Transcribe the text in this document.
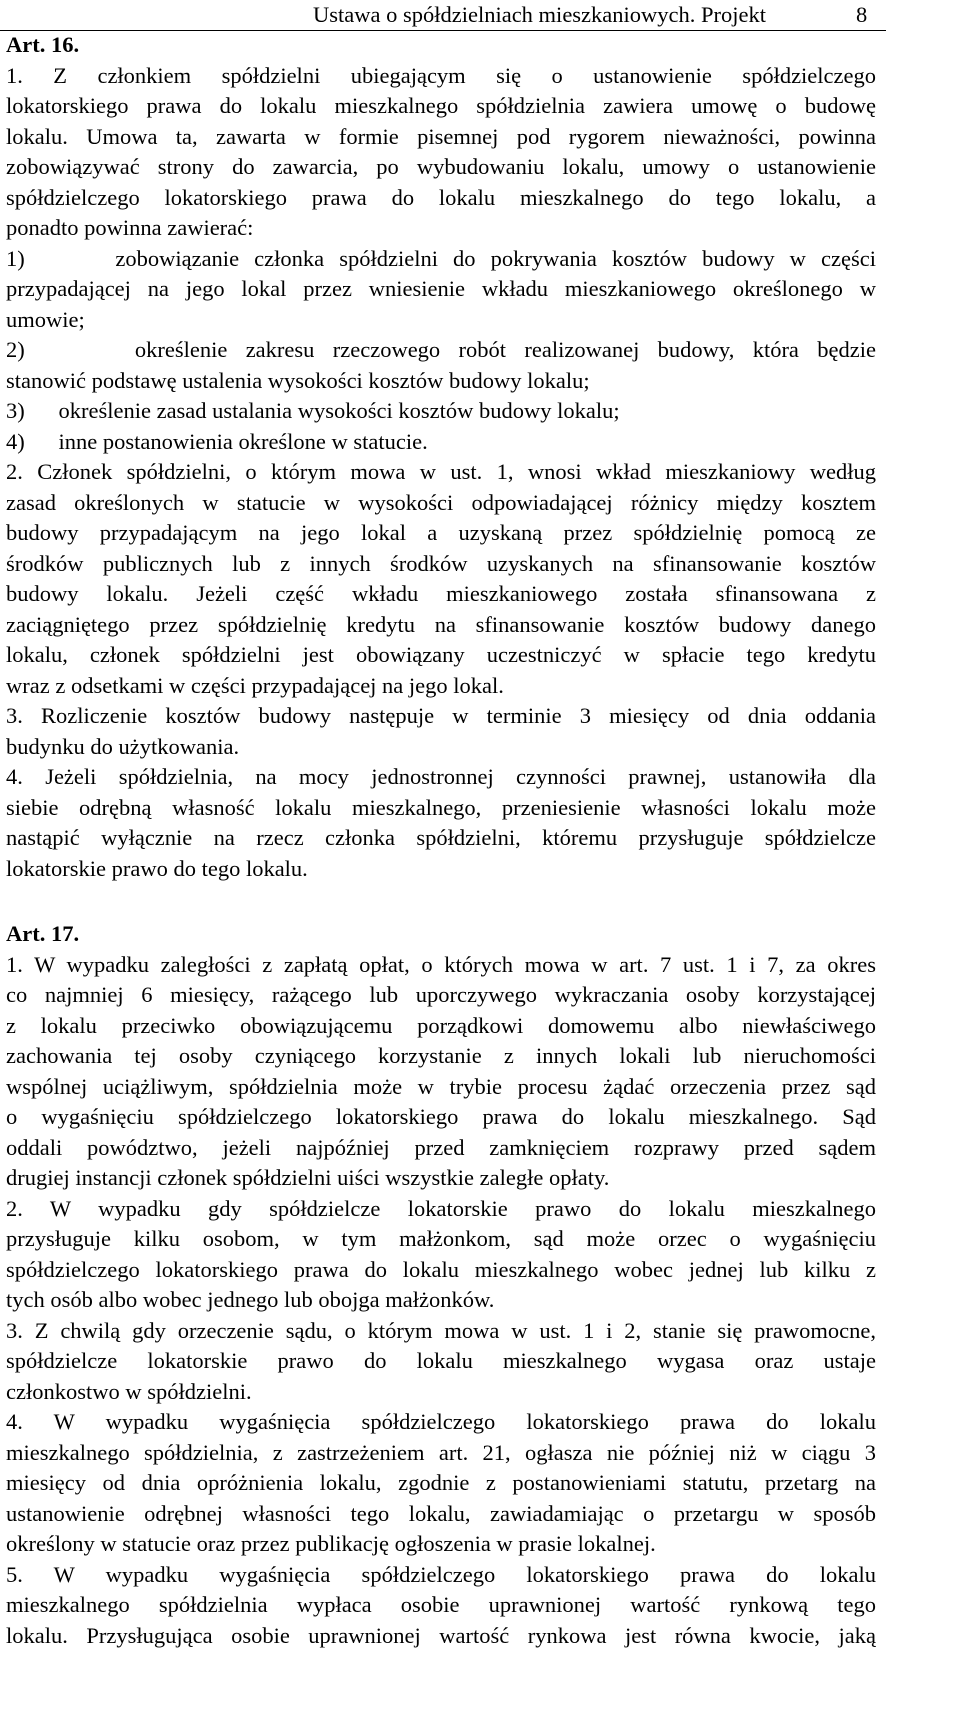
Ustawa o spółdzielniach mieszkaniowych. Projekt	8
Art. 16.
1. Z członkiem spółdzielni ubiegającym się o ustanowienie spółdzielczego
lokatorskiego prawa do lokalu mieszkalnego spółdzielnia zawiera umowę o budowę
lokalu. Umowa ta, zawarta w formie pisemnej pod rygorem nieważności, powinna
zobowiązywać strony do zawarcia, po wybudowaniu lokalu, umowy o ustanowienie
spółdzielczego lokatorskiego prawa do lokalu mieszkalnego do tego lokalu, a
ponadto powinna zawierać:
1)      zobowiązanie członka spółdzielni do pokrywania kosztów budowy w części
przypadającej na jego lokal przez wniesienie wkładu mieszkaniowego określonego w
umowie;
2)      określenie zakresu rzeczowego robót realizowanej budowy, która będzie
stanowić podstawę ustalenia wysokości kosztów budowy lokalu;
3)      określenie zasad ustalania wysokości kosztów budowy lokalu;
4)      inne postanowienia określone w statucie.
2. Członek spółdzielni, o którym mowa w ust. 1, wnosi wkład mieszkaniowy według
zasad określonych w statucie w wysokości odpowiadającej różnicy między kosztem
budowy przypadającym na jego lokal a uzyskaną przez spółdzielnię pomocą ze
środków publicznych lub z innych środków uzyskanych na sfinansowanie kosztów
budowy lokalu. Jeżeli część wkładu mieszkaniowego została sfinansowana z
zaciągniętego przez spółdzielnię kredytu na sfinansowanie kosztów budowy danego
lokalu, członek spółdzielni jest obowiązany uczestniczyć w spłacie tego kredytu
wraz z odsetkami w części przypadającej na jego lokal.
3. Rozliczenie kosztów budowy następuje w terminie 3 miesięcy od dnia oddania
budynku do użytkowania.
4. Jeżeli spółdzielnia, na mocy jednostronnej czynności prawnej, ustanowiła dla
siebie odrębną własność lokalu mieszkalnego, przeniesienie własności lokalu może
nastąpić wyłącznie na rzecz członka spółdzielni, któremu przysługuje spółdzielcze
lokatorskie prawo do tego lokalu.
Art. 17.
1. W wypadku zaległości z zapłatą opłat, o których mowa w art. 7 ust. 1 i 7, za okres
co najmniej 6 miesięcy, rażącego lub uporczywego wykraczania osoby korzystającej
z lokalu przeciwko obowiązującemu porządkowi domowemu albo niewłaściwego
zachowania tej osoby czyniącego korzystanie z innych lokali lub nieruchomości
wspólnej uciążliwym, spółdzielnia może w trybie procesu żądać orzeczenia przez sąd
o wygaśnięciu spółdzielczego lokatorskiego prawa do lokalu mieszkalnego. Sąd
oddali powództwo, jeżeli najpóźniej przed zamknięciem rozprawy przed sądem
drugiej instancji członek spółdzielni uiści wszystkie zaległe opłaty.
2. W wypadku gdy spółdzielcze lokatorskie prawo do lokalu mieszkalnego
przysługuje kilku osobom, w tym małżonkom, sąd może orzec o wygaśnięciu
spółdzielczego lokatorskiego prawa do lokalu mieszkalnego wobec jednej lub kilku z
tych osób albo wobec jednego lub obojga małżonków.
3. Z chwilą gdy orzeczenie sądu, o którym mowa w ust. 1 i 2, stanie się prawomocne,
spółdzielcze lokatorskie prawo do lokalu mieszkalnego wygasa oraz ustaje
członkostwo w spółdzielni.
4. W wypadku wygaśnięcia spółdzielczego lokatorskiego prawa do lokalu
mieszkalnego spółdzielnia, z zastrzeżeniem art. 21, ogłasza nie później niż w ciągu 3
miesięcy od dnia opróżnienia lokalu, zgodnie z postanowieniami statutu, przetarg na
ustanowienie odrębnej własności tego lokalu, zawiadamiając o przetargu w sposób
określony w statucie oraz przez publikację ogłoszenia w prasie lokalnej.
5. W wypadku wygaśnięcia spółdzielczego lokatorskiego prawa do lokalu
mieszkalnego spółdzielnia wypłaca osobie uprawnionej wartość rynkową tego
lokalu. Przysługująca osobie uprawnionej wartość rynkowa jest równa kwocie, jaką
